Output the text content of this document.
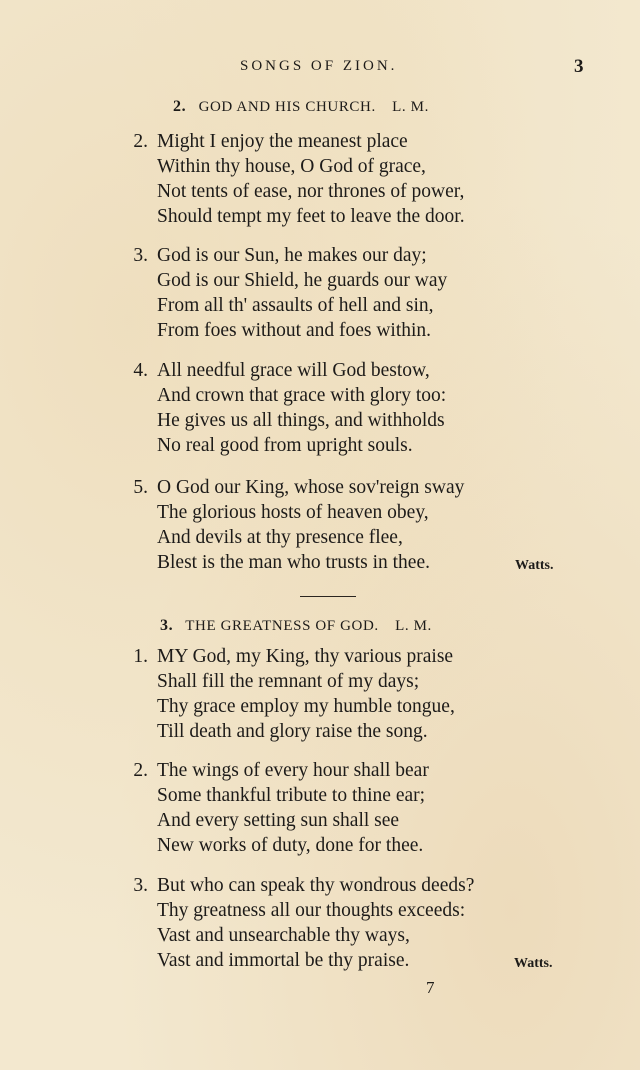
SONGS OF ZION.	3
2. GOD AND HIS CHURCH. L. M.
2. Might I enjoy the meanest place
Within thy house, O God of grace,
Not tents of ease, nor thrones of power,
Should tempt my feet to leave the door.
3. God is our Sun, he makes our day;
God is our Shield, he guards our way
From all th' assaults of hell and sin,
From foes without and foes within.
4. All needful grace will God bestow,
And crown that grace with glory too:
He gives us all things, and withholds
No real good from upright souls.
5. O God our King, whose sov'reign sway
The glorious hosts of heaven obey,
And devils at thy presence flee,
Blest is the man who trusts in thee.	Watts.
3. THE GREATNESS OF GOD. L. M.
1. MY God, my King, thy various praise
Shall fill the remnant of my days;
Thy grace employ my humble tongue,
Till death and glory raise the song.
2. The wings of every hour shall bear
Some thankful tribute to thine ear;
And every setting sun shall see
New works of duty, done for thee.
3. But who can speak thy wondrous deeds?
Thy greatness all our thoughts exceeds:
Vast and unsearchable thy ways,
Vast and immortal be thy praise.	Watts.
7
